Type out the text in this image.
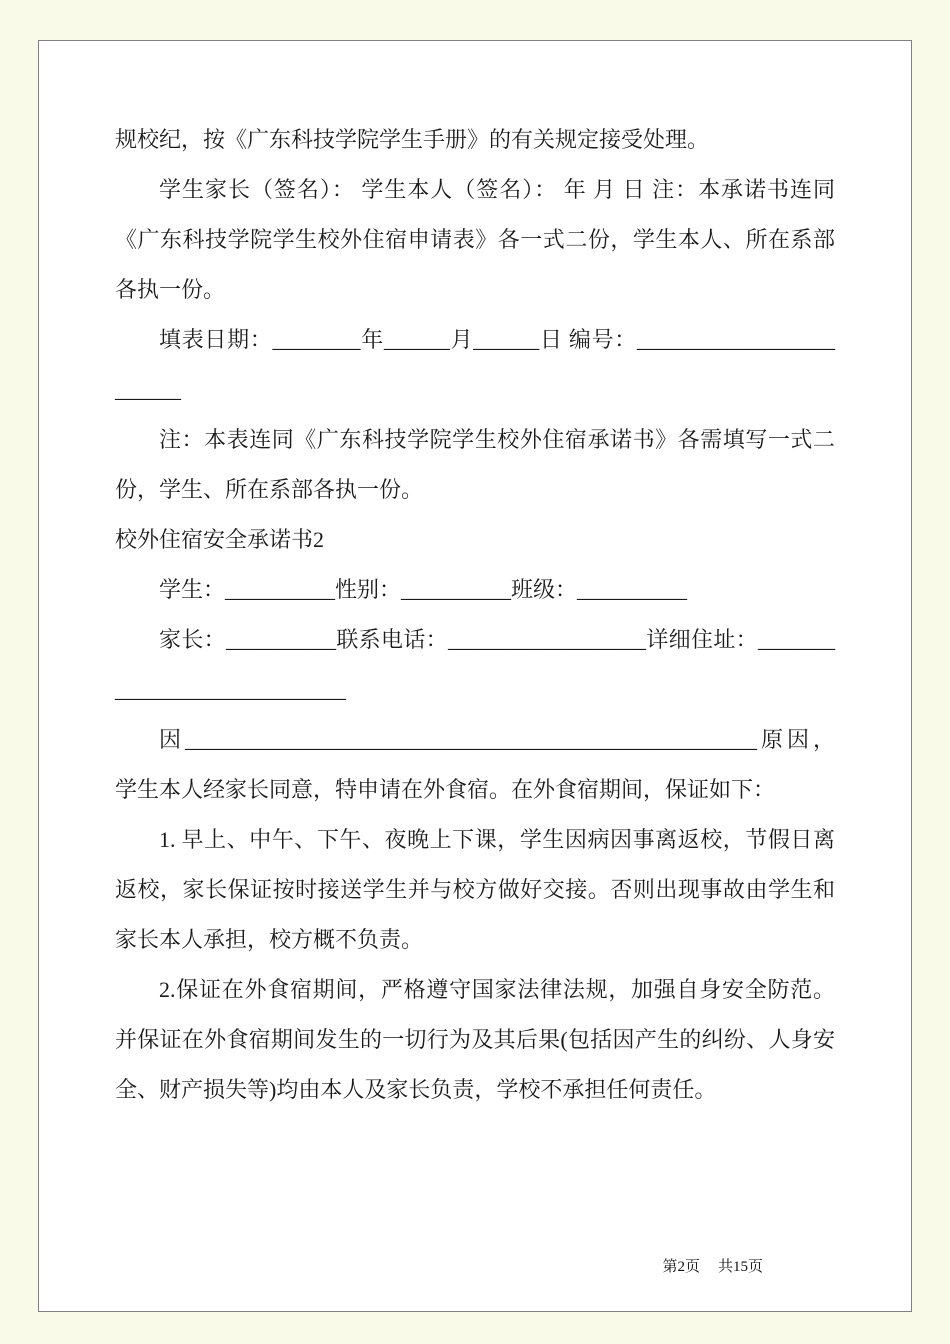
规校纪，按《广东科技学院学生手册》的有关规定接受处理。

学生家长（签名）： 学生本人（签名）： 年 月 日 注：本承诺书连同《广东科技学院学生校外住宿申请表》各一式二份，学生本人、所在系部各执一份。

填表日期：________年______月______日 编号：________________________

注：本表连同《广东科技学院学生校外住宿承诺书》各需填写一式二份，学生、所在系部各执一份。

校外住宿安全承诺书2

学生：__________性别：__________班级：__________

家长：__________联系电话：__________________详细住址：____________________________

因____________________________________________________原因，学生本人经家长同意，特申请在外食宿。在外食宿期间，保证如下：

1. 早上、中午、下午、夜晚上下课，学生因病因事离返校，节假日离返校，家长保证按时接送学生并与校方做好交接。否则出现事故由学生和家长本人承担，校方概不负责。

2.保证在外食宿期间，严格遵守国家法律法规，加强自身安全防范。并保证在外食宿期间发生的一切行为及其后果(包括因产生的纠纷、人身安全、财产损失等)均由本人及家长负责，学校不承担任何责任。

第2页 共15页
